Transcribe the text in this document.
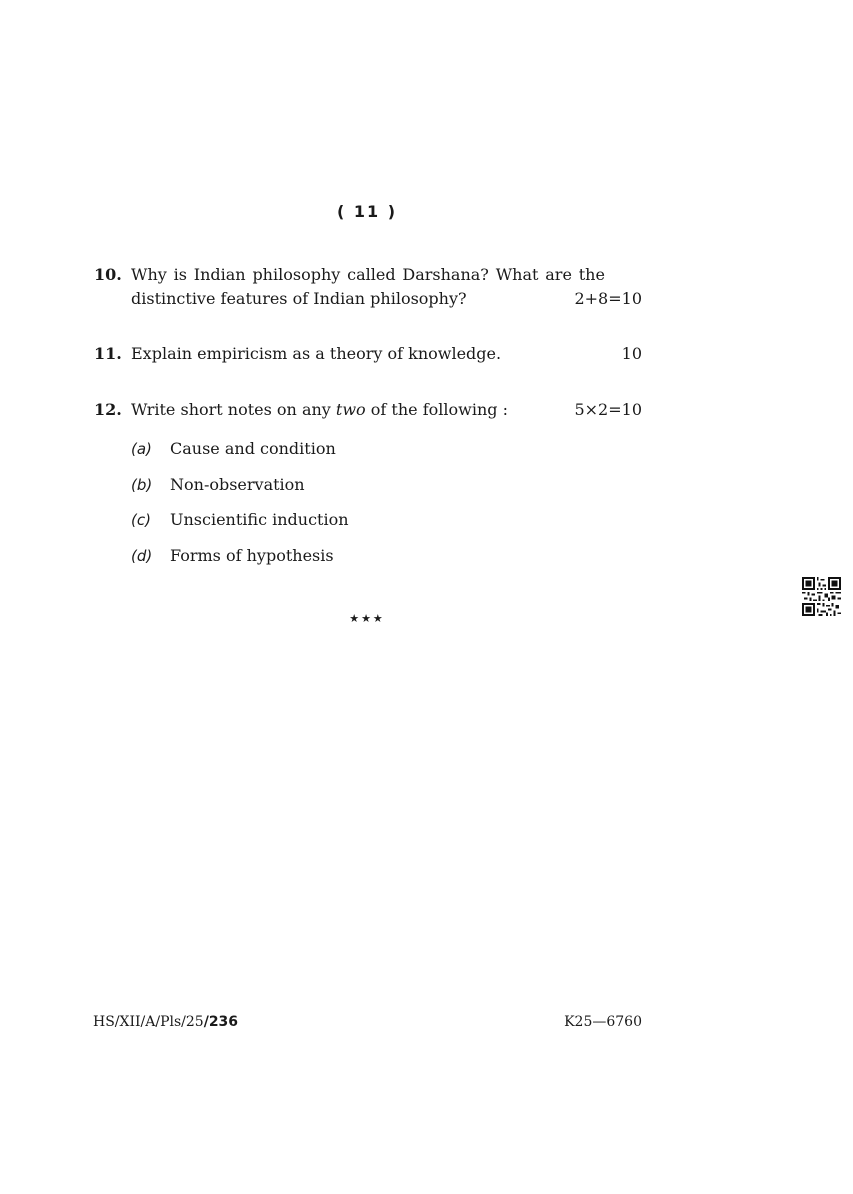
( 11 )
10. Why is Indian philosophy called Darshana? What are the
distinctive features of Indian philosophy?	2+8=10
11. Explain empiricism as a theory of knowledge.	10
12. Write short notes on any two of the following :	5×2=10
(a)	Cause and condition
(b)	Non-observation
(c)	Unscientific induction
(d)	Forms of hypothesis
★★★
HS/XII/A/Pls/25/236	K25—6760
